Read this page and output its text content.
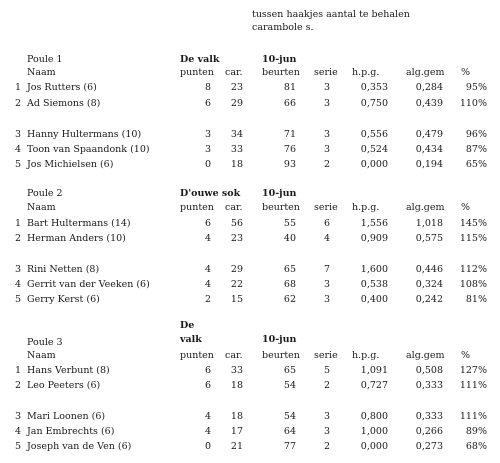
tussen haakjes aantal te behalen
carambole s.
Poule 1	De valk	10-jun
Naam	punten car. beurten serie h.p.g.	alg.gem %
1 Jos Rutters (6)	8	23	81	3	0,353	0,284	95%
2 Ad Siemons (8)	6	29	66	3	0,750	0,439	110%
3 Hanny Hultermans (10)	3	34	71	3	0,556	0,479	96%
4 Toon van Spaandonk (10)	3	33	76	3	0,524	0,434	87%
5 Jos Michielsen (6)	0	18	93	2	0,000	0,194	65%
Poule 2	D'ouwe sok 10-jun
Naam	punten car. beurten serie h.p.g.	alg.gem %
1 Bart Hultermans (14)	6	56	55	6	1,556	1,018	145%
2 Herman Anders (10)	4	23	40	4	0,909	0,575	115%
3 Rini Netten (8)	4	29	65	7	1,600	0,446	112%
4 Gerrit van der Veeken (6)	4	22	68	3	0,538	0,324	108%
5 Gerry Kerst (6)	2	15	62	3	0,400	0,242	81%
Poule 3
De
valk	10-jun
Naam	punten car. beurten serie h.p.g.	alg.gem %
1 Hans Verbunt (8)	6	33	65	5	1,091	0,508	127%
2 Leo Peeters (6)	6	18	54	2	0,727	0,333	111%
3 Mari Loonen (6)	4	18	54	3	0,800	0,333	111%
4 Jan Embrechts (6)	4	17	64	3	1,000	0,266	89%
5 Joseph van de Ven (6)	0	21	77	2	0,000	0,273	68%
